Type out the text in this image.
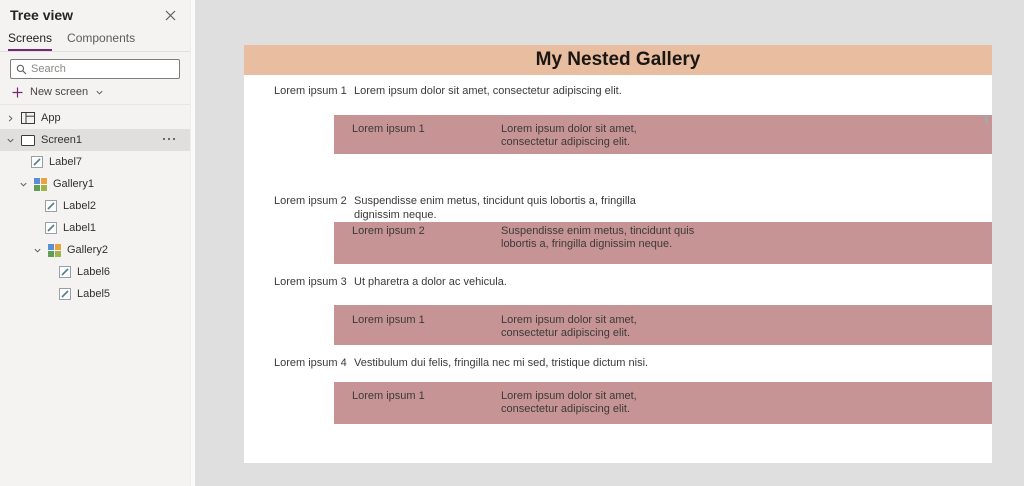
Tree view
Screens Components
Search
New screen
App
Screen1
Label7
Gallery1
Label2
Label1
Gallery2
Label6
Label5
My Nested Gallery
Lorem ipsum 1 Lorem ipsum dolor sit amet, consectetur adipiscing elit.
Lorem ipsum 1	Lorem ipsum dolor sit amet, consectetur adipiscing elit.
Lorem ipsum 2 Suspendisse enim metus, tincidunt quis lobortis a, fringilla dignissim neque.
Lorem ipsum 2	Suspendisse enim metus, tincidunt quis lobortis a, fringilla dignissim neque.
Lorem ipsum 3 Ut pharetra a dolor ac vehicula.
Lorem ipsum 1	Lorem ipsum dolor sit amet, consectetur adipiscing elit.
Lorem ipsum 4 Vestibulum dui felis, fringilla nec mi sed, tristique dictum nisi.
Lorem ipsum 1	Lorem ipsum dolor sit amet, consectetur adipiscing elit.
